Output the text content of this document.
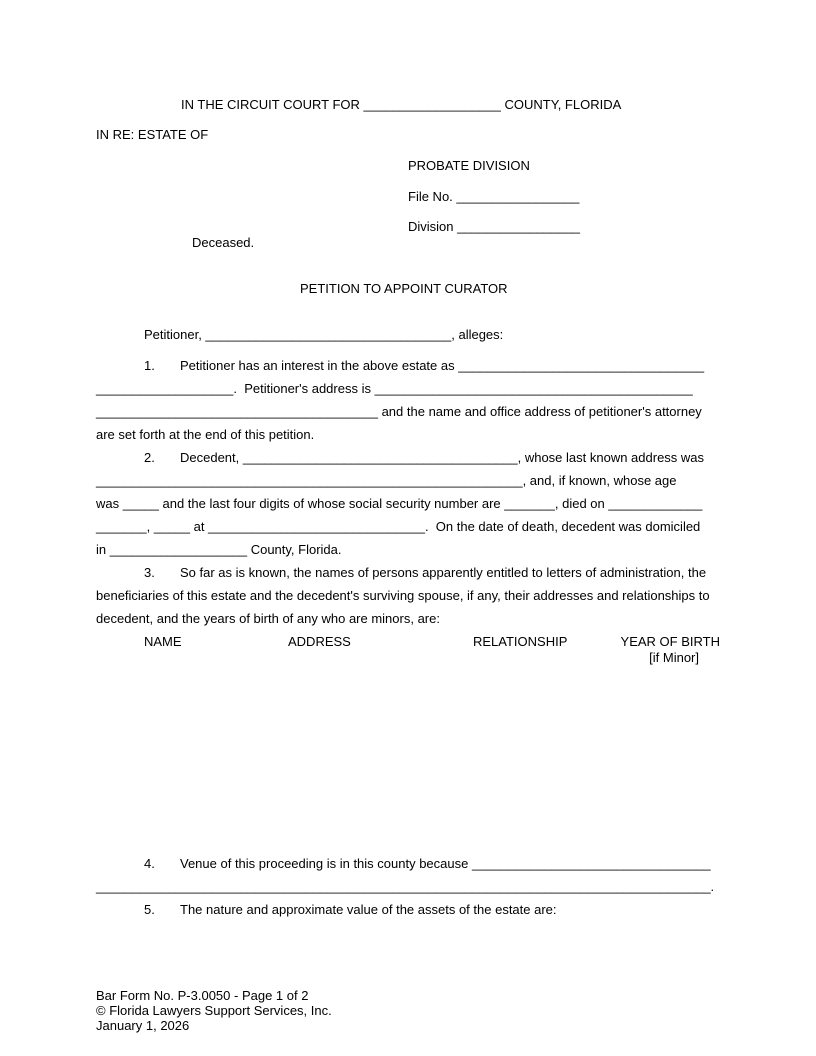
IN THE CIRCUIT COURT FOR ___________________ COUNTY, FLORIDA
IN RE: ESTATE OF
PROBATE DIVISION
File No. _________________
Division _________________
Deceased.
PETITION TO APPOINT CURATOR
Petitioner, __________________________________, alleges:
1. Petitioner has an interest in the above estate as __________________________________
___________________.  Petitioner's address is ____________________________________________
_______________________________________ and the name and office address of petitioner's attorney
are set forth at the end of this petition.
2. Decedent, ______________________________________, whose last known address was
___________________________________________________________, and, if known, whose age
was _____ and the last four digits of whose social security number are _______, died on _____________
_______, _____ at ______________________________.  On the date of death, decedent was domiciled
in ___________________ County, Florida.
3. So far as is known, the names of persons apparently entitled to letters of administration, the
beneficiaries of this estate and the decedent's surviving spouse, if any, their addresses and relationships to
decedent, and the years of birth of any who are minors, are:
NAME	ADDRESS	RELATIONSHIP	YEAR OF BIRTH
[if Minor]
4. Venue of this proceeding is in this county because _________________________________
_____________________________________________________________________________________.
5. The nature and approximate value of the assets of the estate are:
Bar Form No. P-3.0050 - Page 1 of 2
© Florida Lawyers Support Services, Inc.
January 1, 2026
